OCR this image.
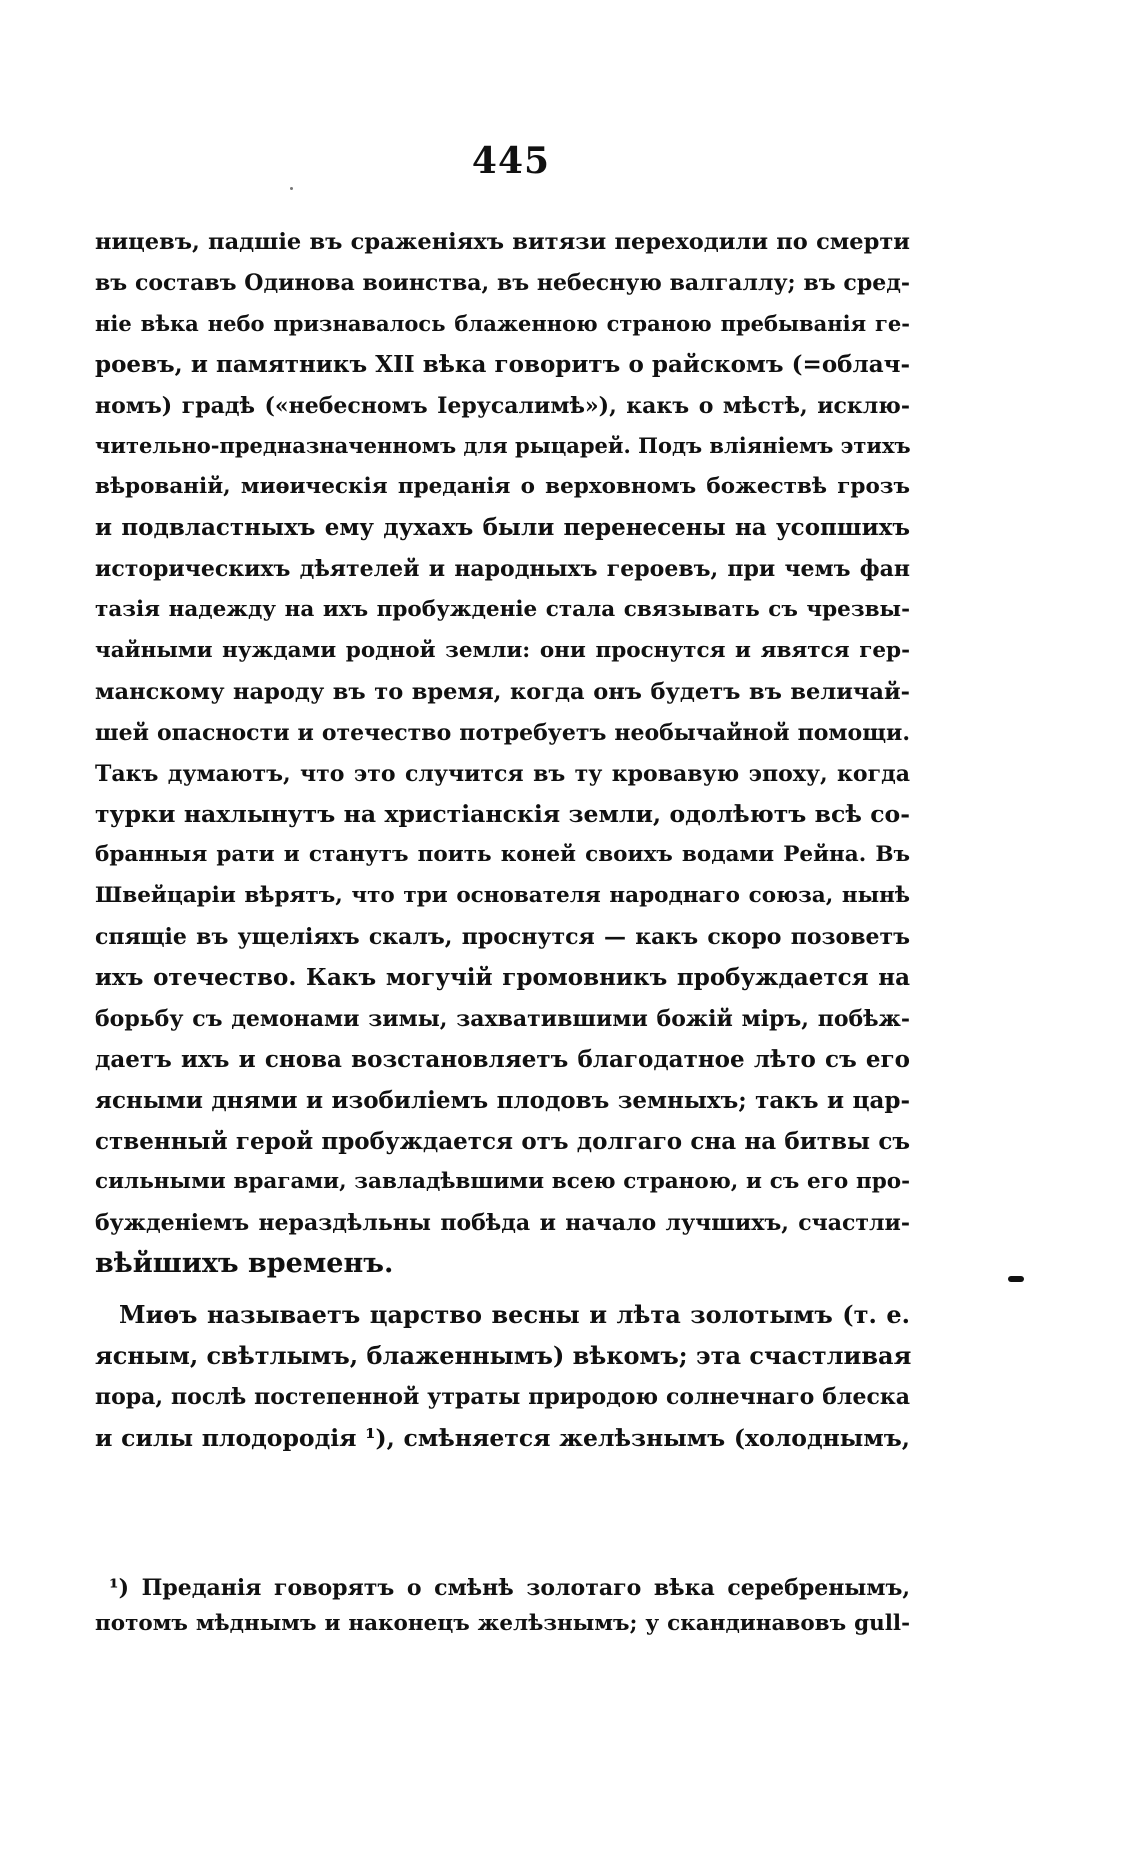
445
ницевъ, падшіе въ сраженіяхъ витязи переходили по смерти
въ составъ Одинова воинства, въ небесную валгаллу; въ сред-
ніе вѣка небо признавалось блаженною страною пребыванія ге-
роевъ, и памятникъ XII вѣка говоритъ о райскомъ (=облач-
номъ) градѣ («небесномъ Іерусалимѣ»), какъ о мѣстѣ, исклю-
чительно-предназначенномъ для рыцарей. Подъ вліяніемъ этихъ
вѣрованій, миѳическія преданія о верховномъ божествѣ грозъ
и подвластныхъ ему духахъ были перенесены на усопшихъ
историческихъ дѣятелей и народныхъ героевъ, при чемъ фан
тазія надежду на ихъ пробужденіе стала связывать съ чрезвы-
чайными нуждами родной земли: они проснутся и явятся гер-
манскому народу въ то время, когда онъ будетъ въ величай-
шей опасности и отечество потребуетъ необычайной помощи.
Такъ думаютъ, что это случится въ ту кровавую эпоху, когда
турки нахлынутъ на христіанскія земли, одолѣютъ всѣ со-
бранныя рати и станутъ поить коней своихъ водами Рейна. Въ
Швейцаріи вѣрятъ, что три основателя народнаго союза, нынѣ
спящіе въ ущеліяхъ скалъ, проснутся — какъ скоро позоветъ
ихъ отечество. Какъ могучій громовникъ пробуждается на
борьбу съ демонами зимы, захватившими божій міръ, побѣж-
даетъ ихъ и снова возстановляетъ благодатное лѣто съ его
ясными днями и изобиліемъ плодовъ земныхъ; такъ и цар-
ственный герой пробуждается отъ долгаго сна на битвы съ
сильными врагами, завладѣвшими всею страною, и съ его про-
бужденіемъ нераздѣльны побѣда и начало лучшихъ, счастли-
вѣйшихъ временъ.
Миѳъ называетъ царство весны и лѣта золотымъ (т. е.
ясным, свѣтлымъ, блаженнымъ) вѣкомъ; эта счастливая
пора, послѣ постепенной утраты природою солнечнаго блеска
и силы плодородія ¹), смѣняется желѣзнымъ (холоднымъ,
¹) Преданія говорятъ о смѣнѣ золотаго вѣка серебренымъ,
потомъ мѣднымъ и наконецъ желѣзнымъ; у скандинавовъ gull-
